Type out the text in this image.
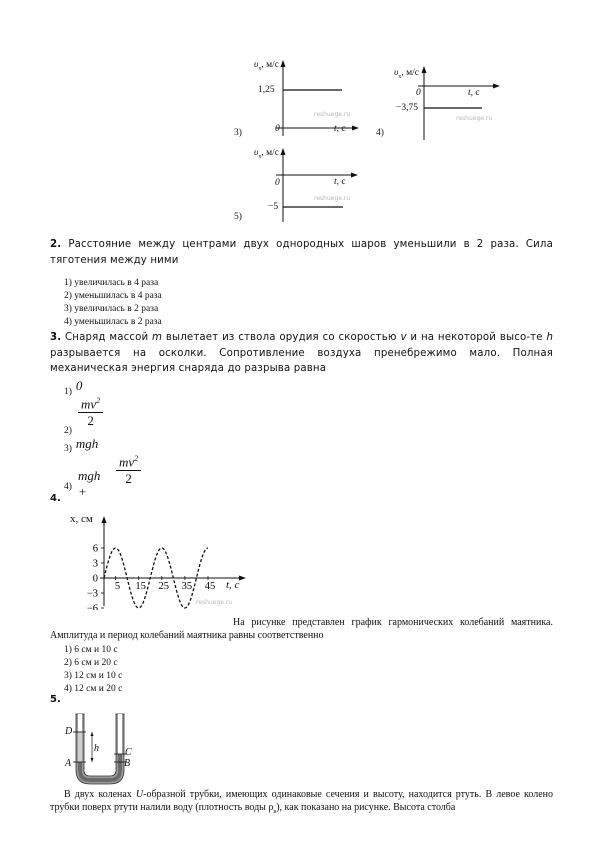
3)
$\upsilon_x$, м/с
1,25
0	t, с
reshuege.ru
4)
$\upsilon_x$, м/с
−3,75
0	t, с
reshuege.ru
5)
$\upsilon_x$, м/с
−5
0	t, с
reshuege.ru
2. Расстояние между центрами двух однородных шаров уменьшили в 2 раза. Сила тяготения между ними
1) увеличилась в 4 раза
2) уменьшилась в 4 раза
3) увеличилась в 2 раза
4) уменьшилась в 2 раза
3. Снаряд массой m вылетает из ствола орудия со скоростью v и на некоторой высо-те h разрывается на осколки. Сопротивление воздуха пренебрежимо мало. Полная механическая энергия снаряда до разрыва равна
1) $^0$
2)
$\frac{mv^2}{2}$
3) mgh
4)
mgh +
$\frac{mv^2}{2}$
4.
6
3
0
−3
−6
5 15 25 35 45
x, см
t, с
reshuege.ru
На рисунке представлен график гармонических колебаний маятника. Амплитуда и период колебаний маятника равны соответственно
1) 6 см и 10 с
2) 6 см и 20 с
3) 12 см и 10 с
4) 12 см и 20 с
5.
D
h	C
A	B
В двух коленах U-образной трубки, имеющих одинаковые сечения и высоту, находится ртуть. В левое колено трубки поверх ртути налили воду (плотность воды $\rho_в$), как показано на рисунке. Высота столба
